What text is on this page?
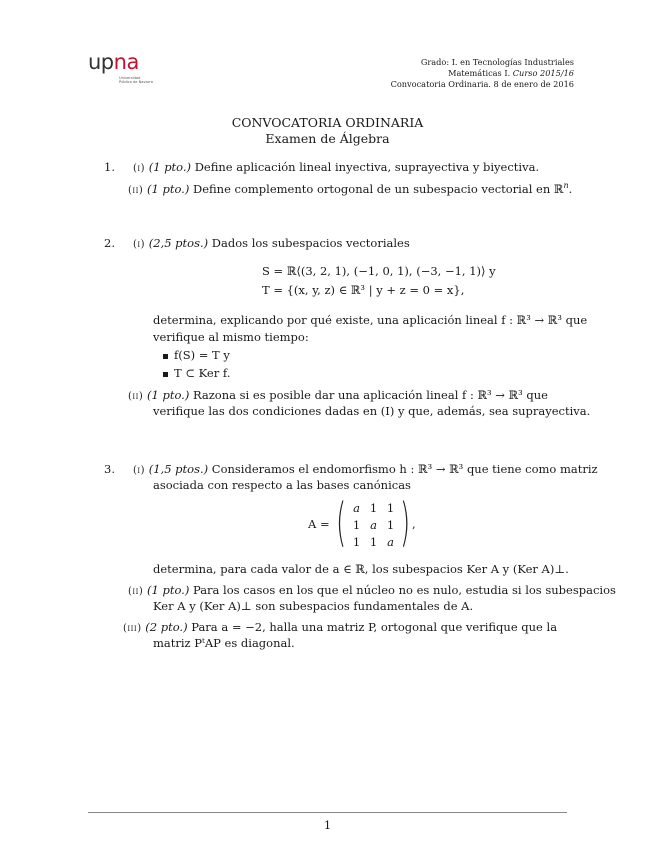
upna
Universidad Pública de Navarra
Grado: I. en Tecnologías Industriales
Matemáticas I. Curso 2015/16
Convocatoria Ordinaria. 8 de enero de 2016
CONVOCATORIA ORDINARIA
Examen de Álgebra
1. (i) (1 pto.) Define aplicación lineal inyectiva, suprayectiva y biyectiva.
(ii) (1 pto.) Define complemento ortogonal de un subespacio vectorial en ℝ$^n$.
2. (i) (2,5 ptos.) Dados los subespacios vectoriales
S = ℝ⟨(3, 2, 1), (−1, 0, 1), (−3, −1, 1)⟩ y
T = {(x, y, z) ∈ ℝ³ | y + z = 0 = x},
determina, explicando por qué existe, una aplicación lineal f : ℝ³ → ℝ³ que
verifique al mismo tiempo:
f(S) = T y
T ⊂ Ker f.
(ii) (1 pto.) Razona si es posible dar una aplicación lineal f : ℝ³ → ℝ³ que
verifique las dos condiciones dadas en (I) y que, además, sea suprayectiva.
3. (i) (1,5 ptos.) Consideramos el endomorfismo h : ℝ³ → ℝ³ que tiene como matriz
asociada con respecto a las bases canónicas
A = ( a 1 1
1 a 1
1 1 a ) ,
determina, para cada valor de a ∈ ℝ, los subespacios Ker A y (Ker A)⊥.
(ii) (1 pto.) Para los casos en los que el núcleo no es nulo, estudia si los subespacios
Ker A y (Ker A)⊥ son subespacios fundamentales de A.
(iii) (2 pto.) Para a = −2, halla una matriz P, ortogonal que verifique que la
matriz PᵗAP es diagonal.
1
